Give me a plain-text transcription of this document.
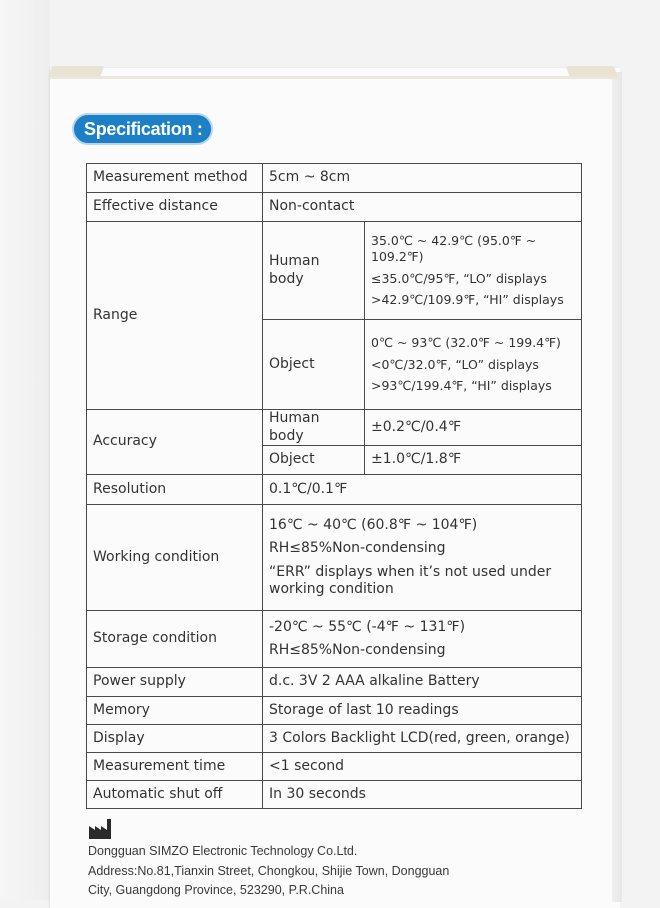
Specification :
Measurement method	5cm ~ 8cm	
Effective distance	Non-contact	
Range	Human body	35.0℃ ~ 42.9℃ (95.0℉ ~ 109.2℉)
≤35.0℃/95℉, “LO” displays
>42.9℃/109.9℉, “HI” displays

	Object	0℃ ~ 93℃ (32.0℉ ~ 199.4℉)
<0℃/32.0℉, “LO” displays
>93℃/199.4℉, “HI” displays

Accuracy	Human body	±0.2℃/0.4℉
	Object	±1.0℃/1.8℉
Resolution	0.1℃/0.1℉	
Working condition	16℃ ~ 40℃ (60.8℉ ~ 104℉)
RH≤85%Non-condensing
“ERR” displays when it’s not used under working condition	

Storage condition	-20℃ ~ 55℃ (-4℉ ~ 131℉)
RH≤85%Non-condensing	

Power supply	d.c. 3V 2 AAA alkaline Battery	
Memory	Storage of last 10 readings	
Display	3 Colors Backlight LCD(red, green, orange)	
Measurement time	<1 second	
Automatic shut off	In 30 seconds	
Dongguan SIMZO Electronic Technology Co.Ltd.
Address:No.81,Tianxin Street, Chongkou, Shijie Town, Dongguan
City, Guangdong Province, 523290, P.R.China
